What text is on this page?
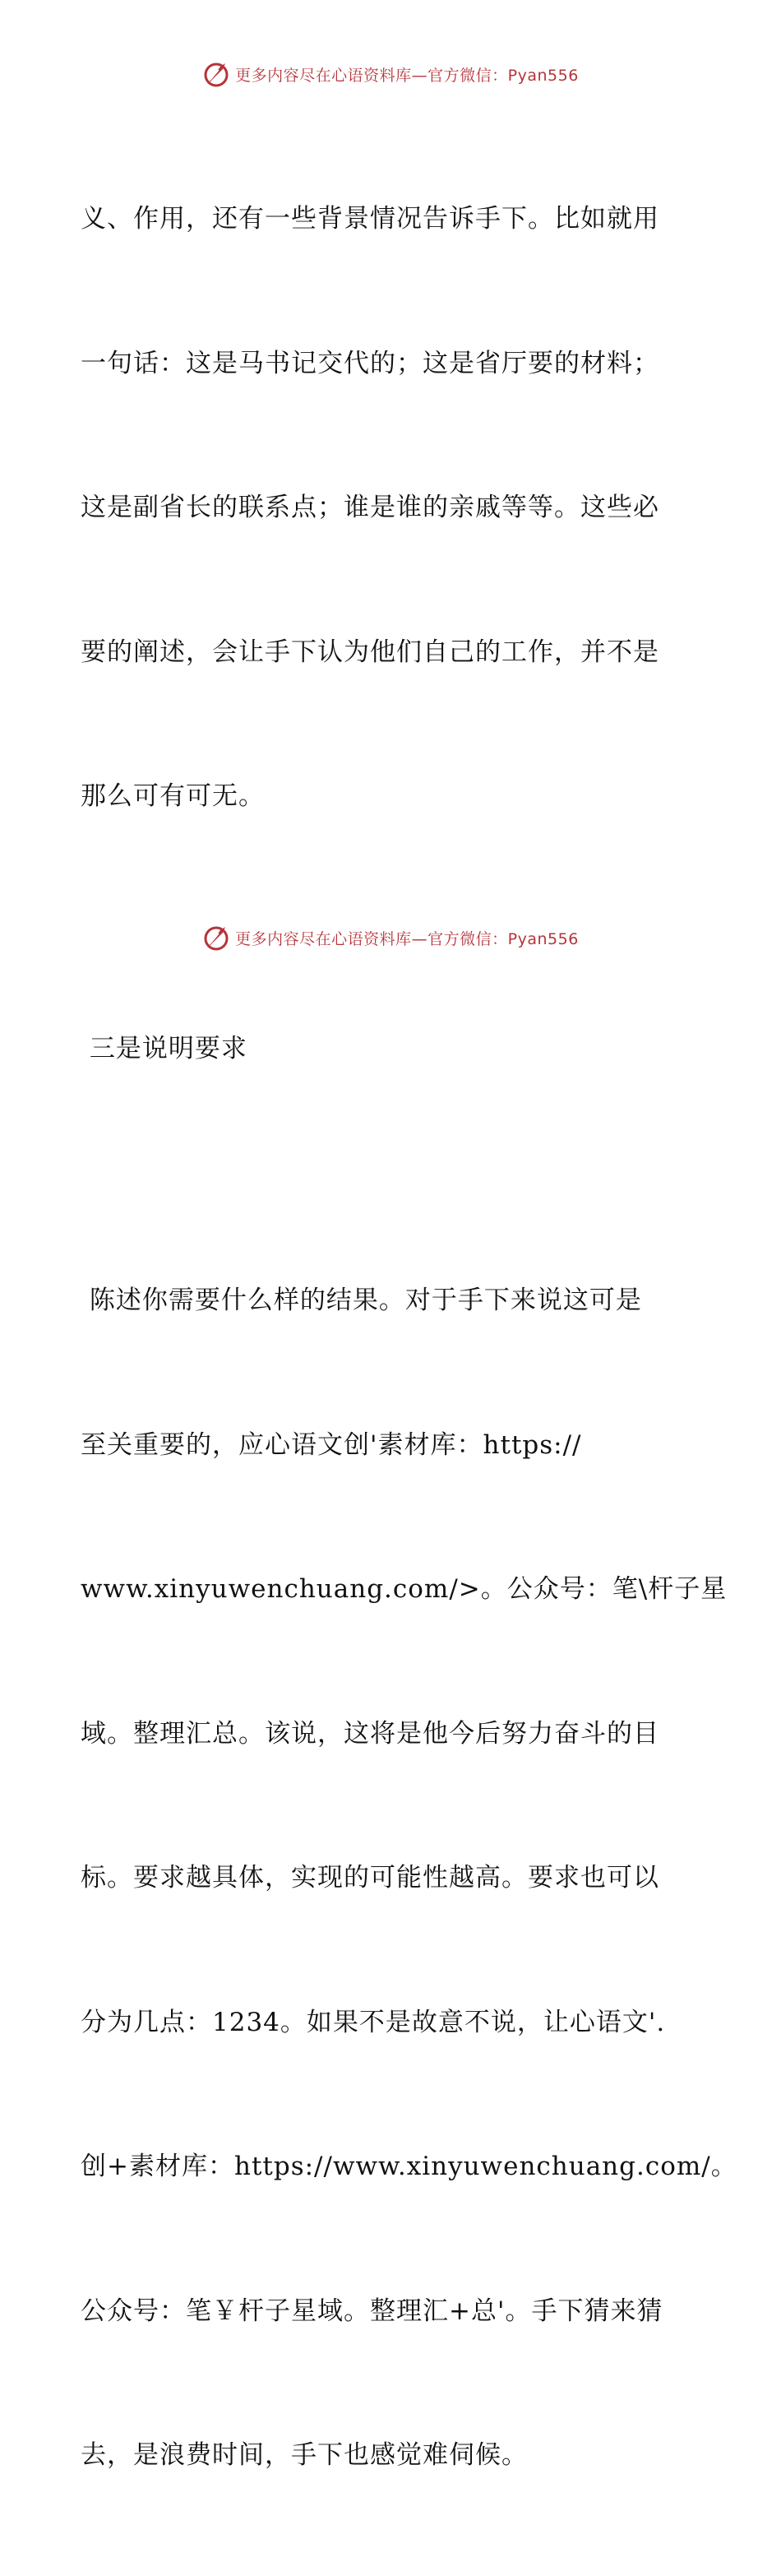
更多内容尽在心语资料库—官方微信：Pyan556

义、作用，还有一些背景情况告诉手下。比如就用

一句话：这是马书记交代的；这是省厅要的材料；

这是副省长的联系点；谁是谁的亲戚等等。这些必

要的阐述，会让手下认为他们自己的工作，并不是

那么可有可无。

三是说明要求

陈述你需要什么样的结果。对于手下来说这可是

至关重要的，应心语文创'素材库：https://

www.xinyuwenchuang.com/>。公众号：笔\杆子星

域。整理汇总。该说，这将是他今后努力奋斗的目

标。要求越具体，实现的可能性越高。要求也可以

分为几点：1234。如果不是故意不说，让心语文'.

创+素材库：https://www.xinyuwenchuang.com/。

公众号：笔￥杆子星域。整理汇+总'。手下猜来猜

去，是浪费时间，手下也感觉难伺候。

更多内容尽在心语资料库—官方微信：Pyan556
